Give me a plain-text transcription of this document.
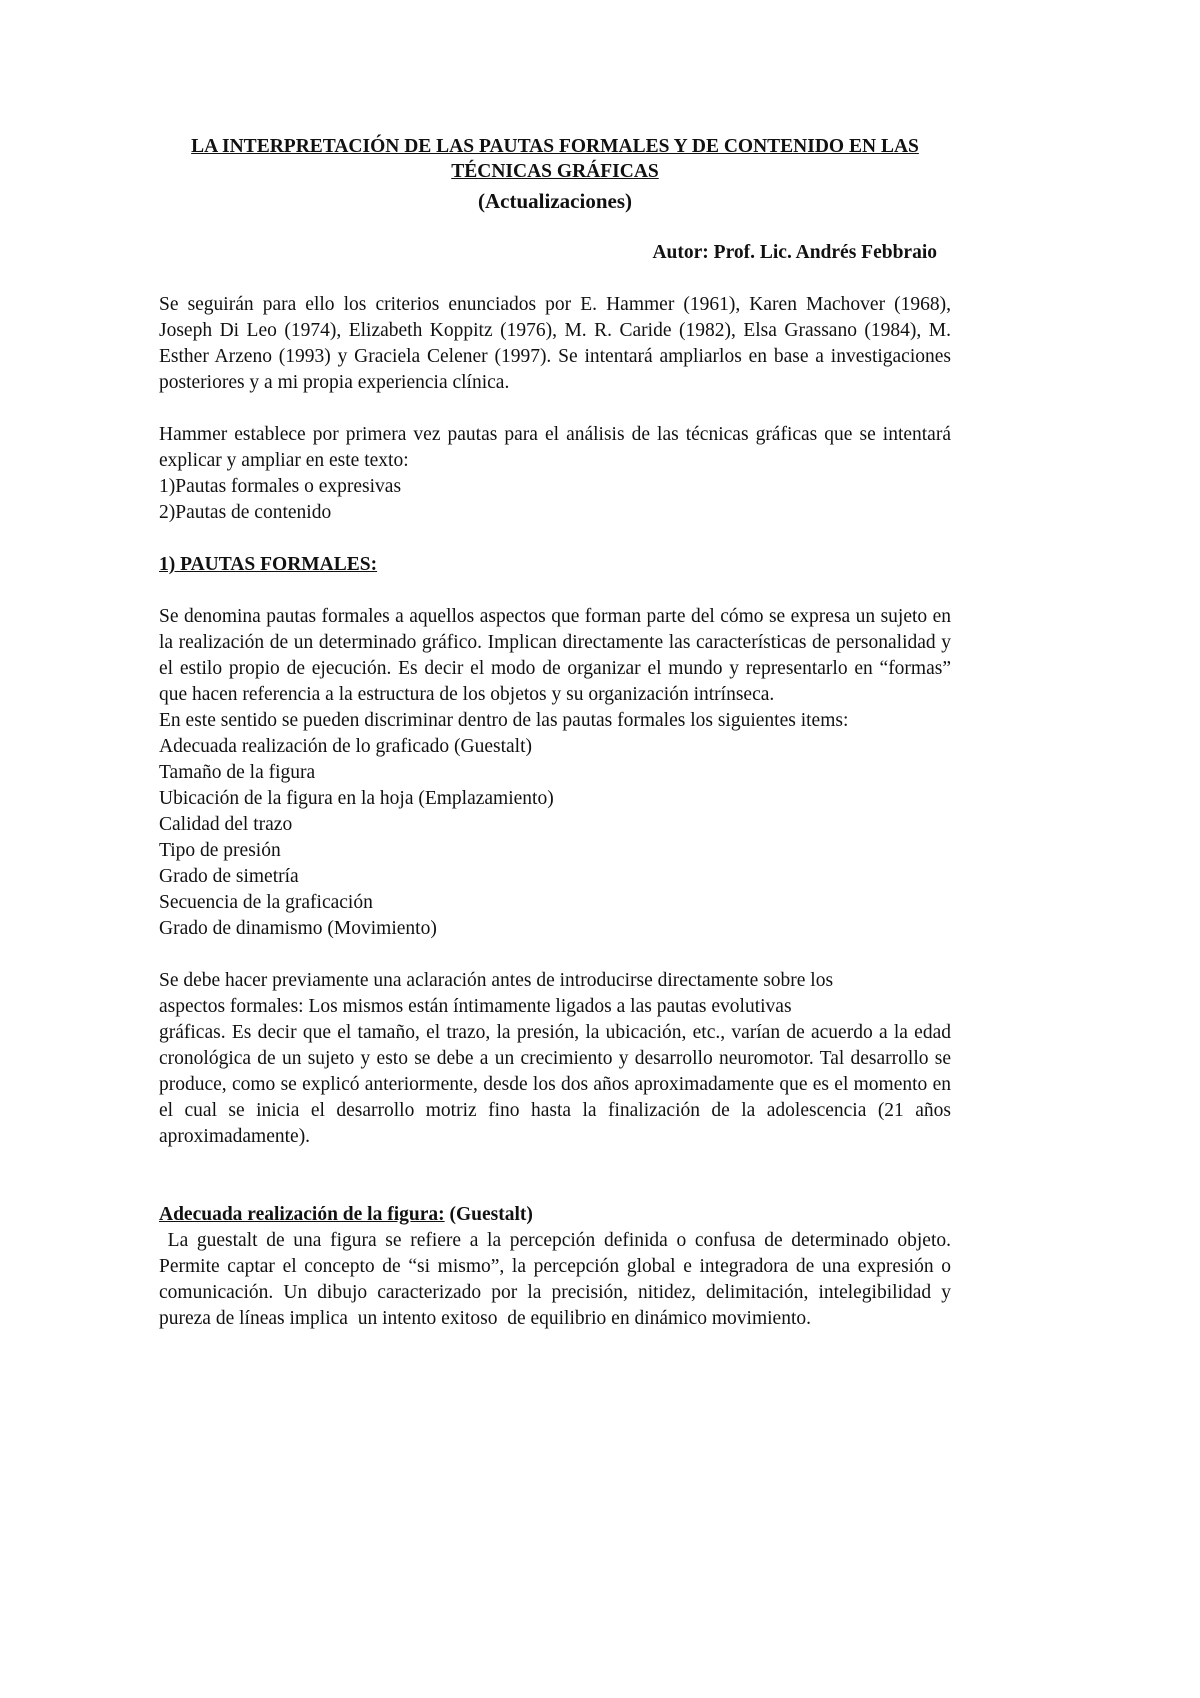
LA INTERPRETACIÓN DE LAS PAUTAS FORMALES Y DE CONTENIDO EN LAS TÉCNICAS GRÁFICAS

(Actualizaciones)

Autor: Prof. Lic. Andrés Febbraio

Se seguirán para ello los criterios enunciados por E. Hammer (1961), Karen Machover (1968), Joseph Di Leo (1974), Elizabeth Koppitz (1976), M. R. Caride (1982), Elsa Grassano (1984), M. Esther Arzeno (1993) y Graciela Celener (1997). Se intentará ampliarlos en base a investigaciones posteriores y a mi propia experiencia clínica.

Hammer establece por primera vez pautas para el análisis de las técnicas gráficas que se intentará explicar y ampliar en este texto:

1)Pautas formales o expresivas
2)Pautas de contenido

1) PAUTAS FORMALES:

Se denomina pautas formales a aquellos aspectos que forman parte del cómo se expresa un sujeto en la realización de un determinado gráfico. Implican directamente las características de personalidad y el estilo propio de ejecución. Es decir el modo de organizar el mundo y representarlo en “formas” que hacen referencia a la estructura de los objetos y su organización intrínseca.

En este sentido se pueden discriminar dentro de las pautas formales los siguientes items:

Adecuada realización de lo graficado (Guestalt)
Tamaño de la figura
Ubicación de la figura en la hoja (Emplazamiento)
Calidad del trazo
Tipo de presión
Grado de simetría
Secuencia de la graficación
Grado de dinamismo (Movimiento)

Se debe hacer previamente una aclaración antes de introducirse directamente sobre los aspectos formales: Los mismos están íntimamente ligados a las pautas evolutivas

gráficas. Es decir que el tamaño, el trazo, la presión, la ubicación, etc., varían de acuerdo a la edad cronológica de un sujeto y esto se debe a un crecimiento y desarrollo neuromotor. Tal desarrollo se produce, como se explicó anteriormente, desde los dos años aproximadamente que es el momento en el cual se inicia el desarrollo motriz fino hasta la finalización de la adolescencia (21 años aproximadamente).

Adecuada realización de la figura: (Guestalt)

La guestalt de una figura se refiere a la percepción definida o confusa de determinado objeto. Permite captar el concepto de “si mismo”, la percepción global e integradora de una expresión o comunicación. Un dibujo caracterizado por la precisión, nitidez, delimitación, intelegibilidad y pureza de líneas implica  un intento exitoso  de equilibrio en dinámico movimiento.
